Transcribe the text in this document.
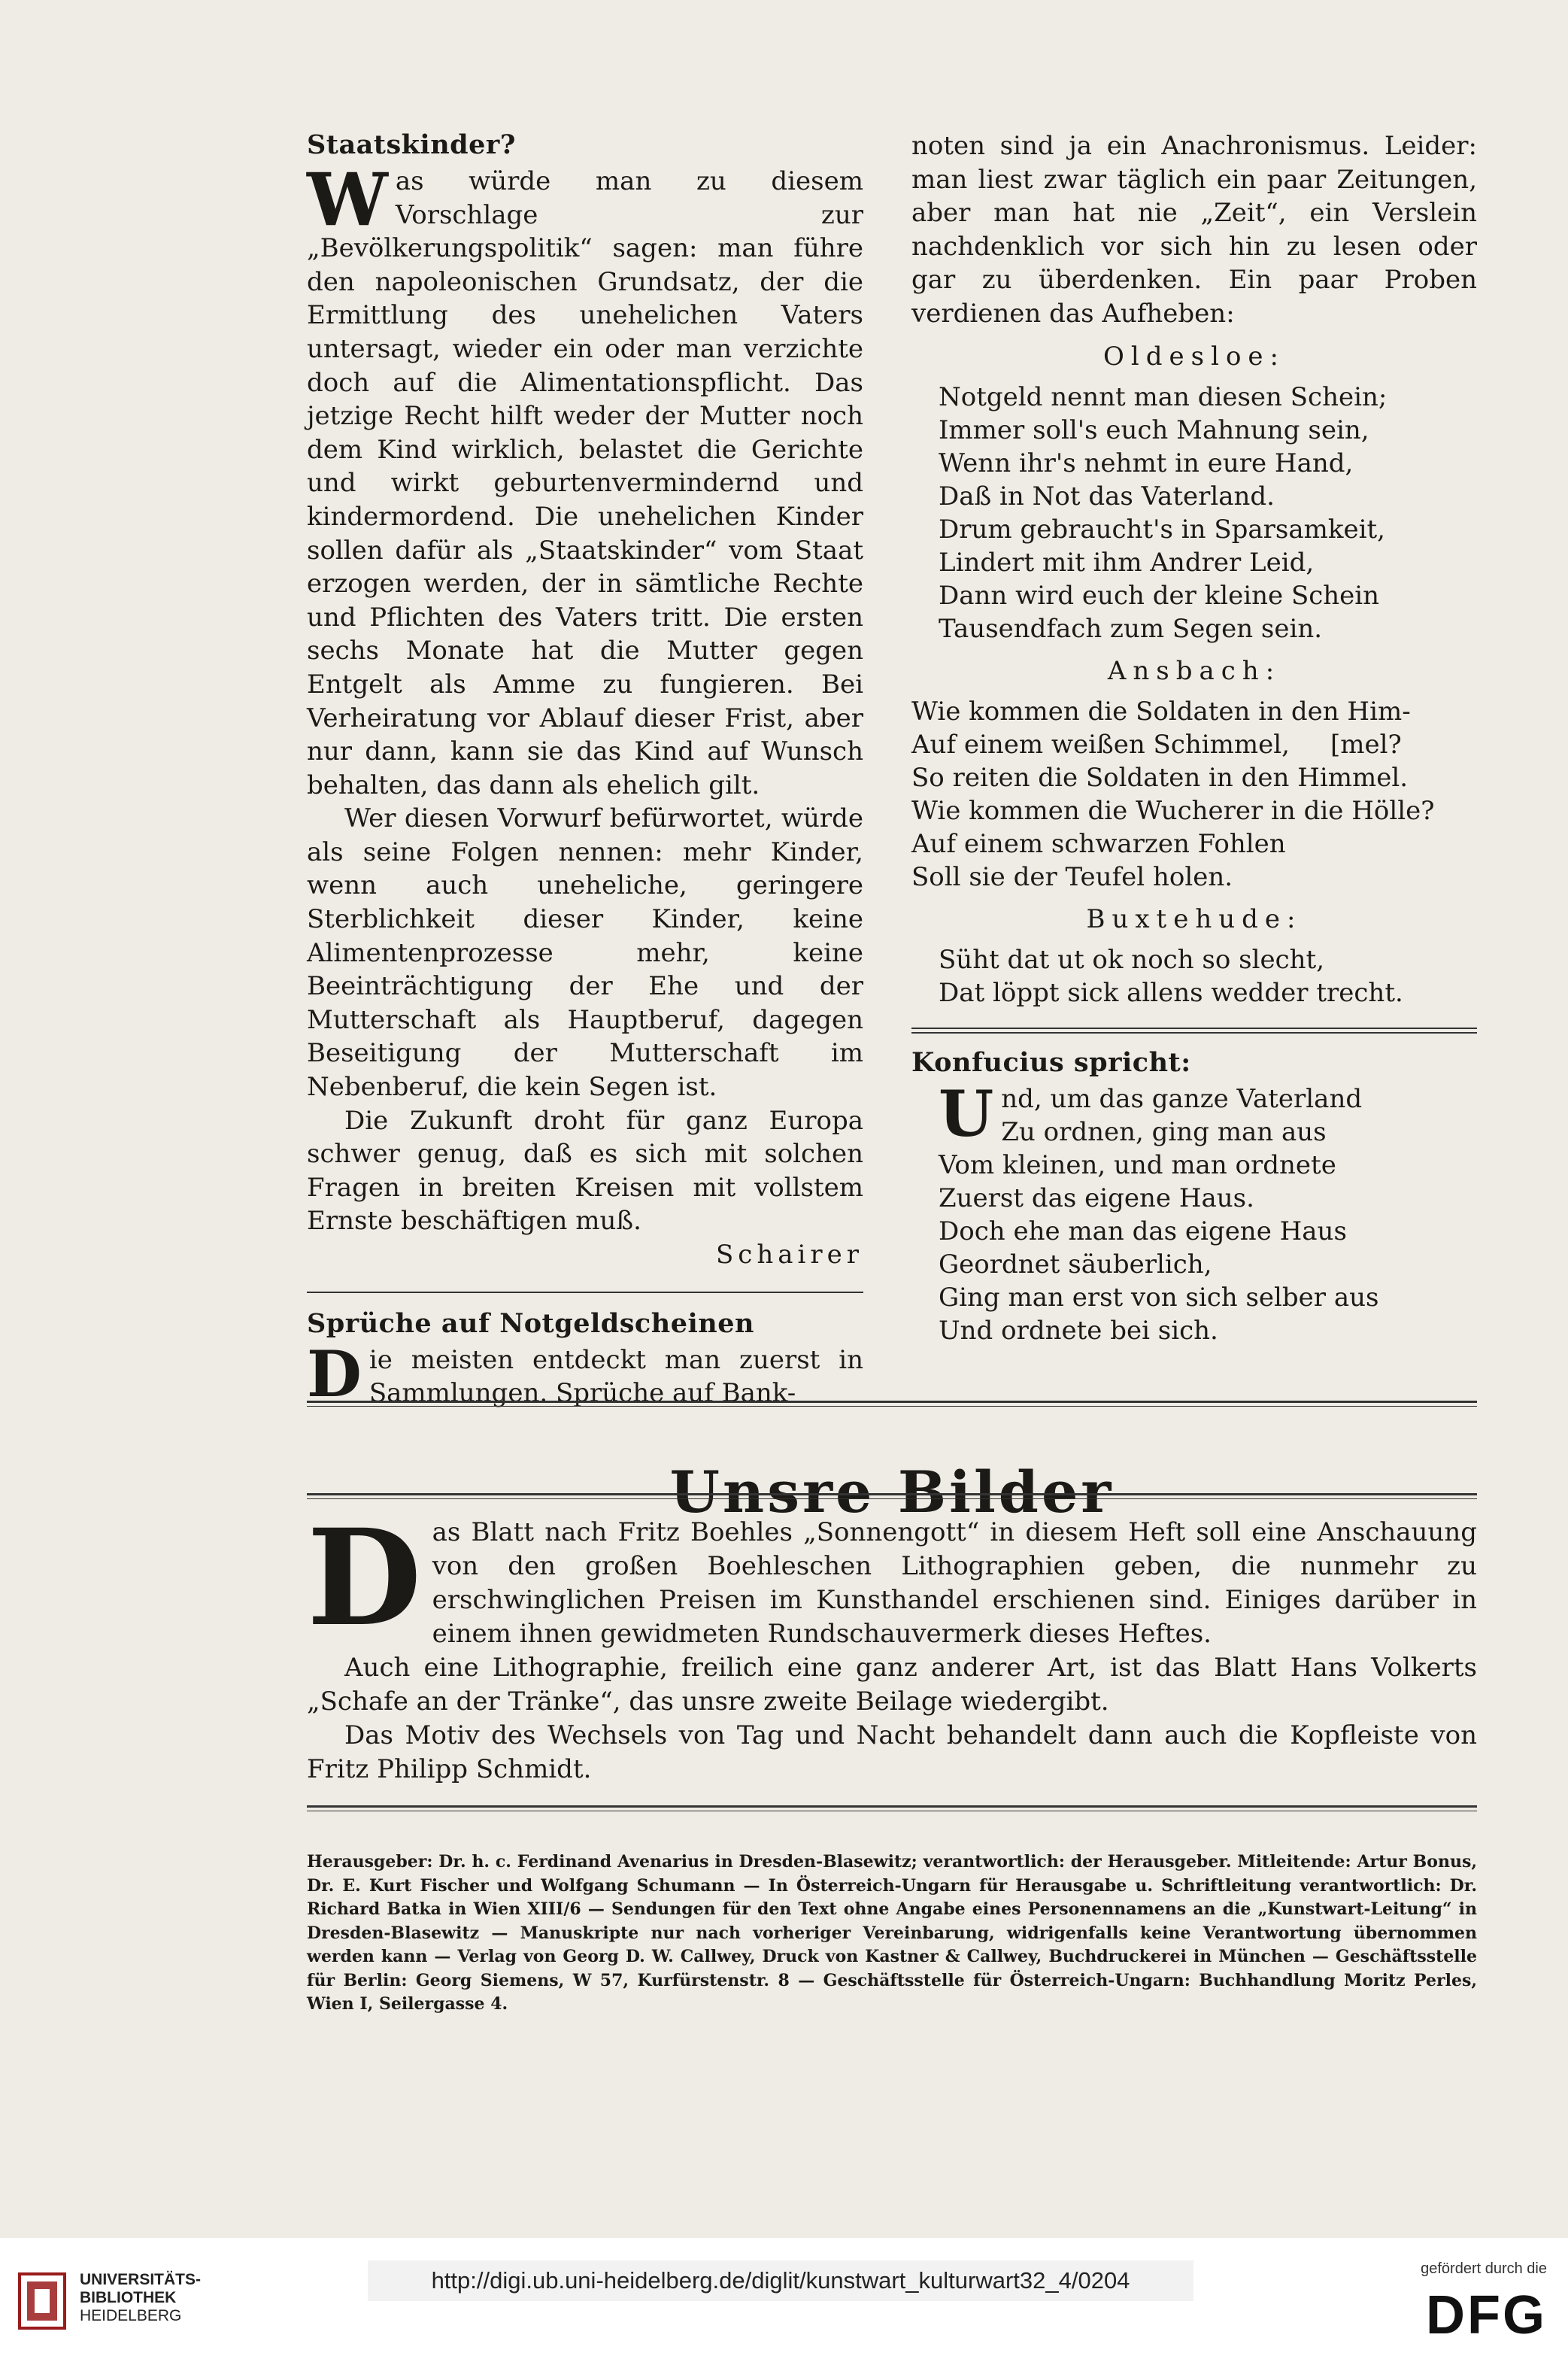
Staatskinder?
W as würde man zu diesem Vorschlage zur „Bevölkerungspolitik“ sagen: man führe den napoleonischen Grundsatz, der die Ermittlung des unehelichen Vaters untersagt, wieder ein oder man verzichte doch auf die Alimentationspflicht. Das jetzige Recht hilft weder der Mutter noch dem Kind wirklich, belastet die Gerichte und wirkt geburtenvermindernd und kindermordend. Die unehelichen Kinder sollen dafür als „Staatskinder“ vom Staat erzogen werden, der in sämtliche Rechte und Pflichten des Vaters tritt. Die ersten sechs Monate hat die Mutter gegen Entgelt als Amme zu fungieren. Bei Verheiratung vor Ablauf dieser Frist, aber nur dann, kann sie das Kind auf Wunsch behalten, das dann als ehelich gilt.

Wer diesen Vorwurf befürwortet, würde als seine Folgen nennen: mehr Kinder, wenn auch uneheliche, geringere Sterblichkeit dieser Kinder, keine Alimentenprozesse mehr, keine Beeinträchtigung der Ehe und der Mutterschaft als Hauptberuf, dagegen Beseitigung der Mutterschaft im Nebenberuf, die kein Segen ist.

Die Zukunft droht für ganz Europa schwer genug, daß es sich mit solchen Fragen in breiten Kreisen mit vollstem Ernste beschäftigen muß.

Schairer

Sprüche auf Notgeldscheinen
D ie meisten entdeckt man zuerst in Sammlungen. Sprüche auf Bank-

noten sind ja ein Anachronismus. Leider: man liest zwar täglich ein paar Zeitungen, aber man hat nie „Zeit“, ein Verslein nachdenklich vor sich hin zu lesen oder gar zu überdenken. Ein paar Proben verdienen das Aufheben:

Oldesloe:
Notgeld nennt man diesen Schein;
Immer soll's euch Mahnung sein,
Wenn ihr's nehmt in eure Hand,
Daß in Not das Vaterland.
Drum gebraucht's in Sparsamkeit,
Lindert mit ihm Andrer Leid,
Dann wird euch der kleine Schein
Tausendfach zum Segen sein.
Ansbach:
Wie kommen die Soldaten in den Him-
Auf einem weißen Schimmel,     [mel?
So reiten die Soldaten in den Himmel.
Wie kommen die Wucherer in die Hölle?
Auf einem schwarzen Fohlen
Soll sie der Teufel holen.
Buxtehude:
Süht dat ut ok noch so slecht,
Dat löppt sick allens wedder trecht.
Konfucius spricht:
U nd, um das ganze Vaterland
Zu ordnen, ging man aus
Vom kleinen, und man ordnete
Zuerst das eigene Haus.
Doch ehe man das eigene Haus
Geordnet säuberlich,
Ging man erst von sich selber aus
Und ordnete bei sich.
Unsre Bilder
D as Blatt nach Fritz Boehles „Sonnengott“ in diesem Heft soll eine Anschauung von den großen Boehleschen Lithographien geben, die nunmehr zu erschwinglichen Preisen im Kunsthandel erschienen sind. Einiges darüber in einem ihnen gewidmeten Rundschauvermerk dieses Heftes.

Auch eine Lithographie, freilich eine ganz anderer Art, ist das Blatt Hans Volkerts „Schafe an der Tränke“, das unsre zweite Beilage wiedergibt.

Das Motiv des Wechsels von Tag und Nacht behandelt dann auch die Kopfleiste von Fritz Philipp Schmidt.

Herausgeber: Dr. h. c. Ferdinand Avenarius in Dresden-Blasewitz; verantwortlich: der Herausgeber. Mitleitende: Artur Bonus, Dr. E. Kurt Fischer und Wolfgang Schumann — In Österreich-Ungarn für Herausgabe u. Schriftleitung verantwortlich: Dr. Richard Batka in Wien XIII/6 — Sendungen für den Text ohne Angabe eines Personennamens an die „Kunstwart-Leitung“ in Dresden-Blasewitz — Manuskripte nur nach vorheriger Vereinbarung, widrigenfalls keine Verantwortung übernommen werden kann — Verlag von Georg D. W. Callwey, Druck von Kastner & Callwey, Buchdruckerei in München — Geschäftsstelle für Berlin: Georg Siemens, W 57, Kurfürstenstr. 8 — Geschäftsstelle für Österreich-Ungarn: Buchhandlung Moritz Perles, Wien I, Seilergasse 4.

UNIVERSITÄTS-
BIBLIOTHEK
HEIDELBERG
http://digi.ub.uni-heidelberg.de/diglit/kunstwart_kulturwart32_4/0204	gefördert durch die
DFG
